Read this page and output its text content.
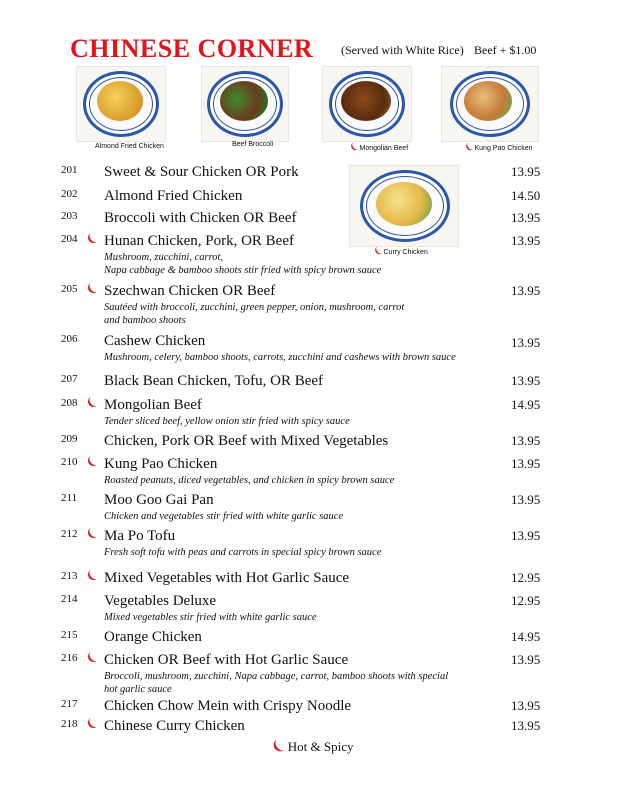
CHINESE CORNER (Served with White Rice) Beef + $1.00
Almond Fried Chicken	Beef Broccoli	❨ Mongolian Beef	❨ Kung Pao Chicken
❨ Curry Chicken
201 Sweet & Sour Chicken OR Pork	13.95
202 Almond Fried Chicken	14.50
203 Broccoli with Chicken OR Beef	13.95
204 ❨ Hunan Chicken, Pork, OR Beef	13.95
Mushroom, zucchini, carrot,
Napa cabbage & bamboo shoots stir fried with spicy brown sauce
205 ❨ Szechwan Chicken OR Beef	13.95
Sautéed with broccoli, zucchini, green pepper, onion, mushroom, carrot
and bamboo shoots
206 Cashew Chicken	13.95
Mushroom, celery, bamboo shoots, carrots, zucchini and cashews with brown sauce
207 Black Bean Chicken, Tofu, OR Beef	13.95
208 ❨ Mongolian Beef	14.95
Tender sliced beef, yellow onion stir fried with spicy sauce
209 Chicken, Pork OR Beef with Mixed Vegetables	13.95
210 ❨ Kung Pao Chicken	13.95
Roasted peanuts, diced vegetables, and chicken in spicy brown sauce
211 Moo Goo Gai Pan	13.95
Chicken and vegetables stir fried with white garlic sauce
212 ❨ Ma Po Tofu	13.95
Fresh soft tofu with peas and carrots in special spicy brown sauce
213 ❨ Mixed Vegetables with Hot Garlic Sauce	12.95
214 Vegetables Deluxe	12.95
Mixed vegetables stir fried with white garlic sauce
215 Orange Chicken	14.95
216 ❨ Chicken OR Beef with Hot Garlic Sauce	13.95
Broccoli, mushroom, zucchini, Napa cabbage, carrot, bamboo shoots with special
hot garlic sauce
217 Chicken Chow Mein with Crispy Noodle	13.95
218 ❨ Chinese Curry Chicken	13.95
❨Hot & Spicy
